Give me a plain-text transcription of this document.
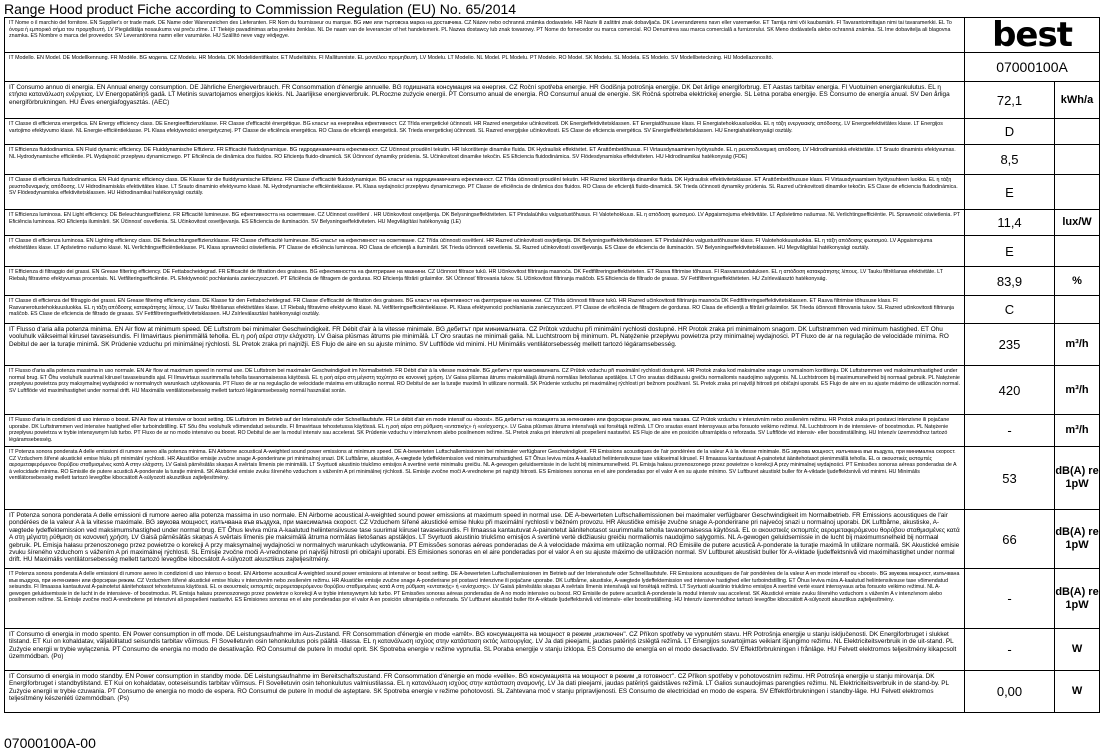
Range Hood product Fiche according to Commission Regulation (EU) No. 65/2014
IT Nome o il marchio del fornitore. EN Supplier's or trade mark. DE Name oder Warenzeichen des Lieferanten. FR Nom du fournisseur ou marque. BG име или търговска марка на доставчика. CZ Název nebo ochranná známka dodavatele. HR Naziv ili zaštitni znak dobavljača. DK Leverandørens navn eller varemærke. ET Tarnija nimi või kaubamärk. FI Tavarantoimittajan nimi tai tavaramerkki. EL Το όνομα ή εμπορικό σήμα του προμηθευτή. LV Piegādātāja nosaukums vai preču zīme. LT Tiekėjo pavadinimas arba prekės ženklas. NL De naam van de leverancier of het handelsmerk. PL Nazwa dostawcy lub znak towarowy. PT Nome do fornecedor ou marca comercial. RO Denumirea sau marca comercială a furnizorului. SK Meno dodávateľa alebo ochranná známka. SL Ime dobavitelja ali blagovna znamka. ES Nombre o marca del proveedor. SV Leverantörens namn eller varumärke. HU Szállító neve vagy védjegye.	best	

IT Modello. EN Model. DE Modellkennung. FR Modèle. BG модела. CZ Modelu. HR Modela. DK Modelidentifikator. ET Mudelitähis. FI Mallitunniste. EL μοντέλου προμηθευτή. LV Modelu. LT Modelio. NL Model. PL Modelu. PT Modelo. RO Model. SK Modelu. SL Modela. ES Modelo. SV Modellbeteckning. HU Modellazonosító.	07000100A	

IT Consumo annuo di energia. EN Annual energy consumption. DE Jährliche Energieverbrauch. FR Consommation d'énergie annuelle. BG годишната консумация на енергия. CZ Roční spotřeba energie. HR Godišnja potrošnja energije. DK Det årlige energiforbrug. ET Aastas tarbitav energia. FI Vuotuinen energiankulutus. EL η ετήσια κατανάλωση ενέργειας. LV Energopatēriņš gadā. LT Metinis suvartojamos energijos kiekis. NL Jaarlijkse energieverbruik. PLRoczne zużycie energii. PT Consumo anual de energia. RO Consumul anual de energie. SK Ročná spotreba elektrickej energie. SL Letna poraba energije. ES Consumo de energía anual. SV Den årliga energiförbrukningen. HU Éves energiafogyasztás. (AEC)	72,1	kWh/a

IT Classe di efficienza energetica. EN Energy efficiency class. DE Energieeffizienzklasse. FR Classe d'efficacité énergétique. BG класът на енергийна ефективност. CZ Třída energetické účinnosti. HR Razred energetske učinkovitosti. DK Energieffektivitetsklassen. ET Energiatõhususe klass. FI Energiatehokkuusluokka. EL η τάξη ενεργειακής απόδοσης. LV Energoefektivitātes klase. LT Energijos vartojimo efektyvumo klasė. NL Energie-efficiëntieklasse. PL Klasa efektywności energetycznej. PT Classe de eficiência energética. RO Clasa de eficiență energetică. SK Trieda energetickej účinnosti. SL Razred energijske učinkovitosti. ES Clase de eficiencia energética. SV Energieffektivitetsklassen. HU Energiahatékonysági osztály.	D	

IT Efficienza fluidodinamica. EN Fluid dynamic efficiency. DE Fluiddynamische Effizienz. FR Efficacité fluidodynamique. BG гидродинамичната ефективност. CZ Účinnost proudění tekutin. HR Iskorištenje dinamike fluida. DK Hydraulisk effektivitet. ET Ärattõmbetõhusus. FI Virtausdynaaminen hyötysuhde. EL η ρευστοδυναμική απόδοση. LV Hidrodinamiskā efektivitāte. LT Srauto dinaminis efektyvumas. NL Hydrodynamische efficiëntie. PL Wydajność przepływu dynamicznego. PT Eficiência de dinâmica dos fluidos. RO Eficiența fluido-dinamică. SK Účinnosť dynamiky prúdenia. SL Učinkovitost dinamike tekočin. ES Eficiencia fluidodinámica. SV Flödesdynamiska effektiviteten. HU Hidrodinamikai hatékonyság (FDE)	8,5	

IT Classe di efficienza fluidodinamica. EN Fluid dynamic efficiency class. DE Klasse für die fluiddynamische Effizienz. FR Classe d'efficacité fluidodynamique. BG класът на гидродинамичната ефективност. CZ Třída účinnosti proudění tekutin. HR Razred iskorištenja dinamike fluida. DK Hydraulisk effektivitetsklasse. ET Ärattõmbetõhususe klass. FI Virtausdynaamisen hyötysuhteen luokka. EL η τάξη ρευστοδυναμικής απόδοσης. LV Hidrodinamiskās efektivitātes klase. LT Srauto dinaminio efektyvumo klasė. NL Hydrodynamische efficiëntieklasse. PL Klasa wydajności przepływu dynamicznego. PT Classe de eficiência de dinâmica dos fluidos. RO Clasa de eficiență fluido-dinamică. SK Trieda účinnosti dynamiky prúdenia. SL Razred učinkovitosti dinamike tekočin. ES Clase de eficiencia fluidodinámica. SV Flödesdynamiska effektivitetsklassen. HU Hidrodinamikai hatékonysági osztály.	E	

IT Efficienza luminosa. EN Light efficiency. DE Beleuchtungseffizienz. FR Efficacité lumineuse. BG ефективността на осветяване. CZ Účinnost osvětlení . HR Učinkovitost osvjetljenja. DK Belysningseffektiviteten. ET Pindalaühiku valgustustõhusus. FI Valotehokkuus. EL η απόδοση φωτισμού. LV Apgaismojuma efektivitāte. LT Apšvietimo našumas. NL Verlichtingsefficiëntie. PL Sprawność oświetlenia. PT Eficiência luminosa. RO Eficiența iluminării. SK Účinnosť osvetlenia. SL Učinkovitost osvetljevanja. ES Eficiencia de iluminación. SV Belysningseffektiviteten. HU Megvilágítási hatékonyság (LE)	11,4	lux/W

IT Classe di efficienza luminosa. EN Lighting efficiency class. DE Beleuchtungseffizienzklasse. FR Classe d'efficacité lumineuse. BG класът на ефективност на осветяване. CZ Třída účinnosti osvětlení. HR Razred učinkovitosti osvjetljenja. DK Belysningseffektivitetsklassen. ET Pindalaühiku valgustustõhususe klass. FI Valotehokkuusluokka. EL η τάξη απόδοσης φωτισμού. LV Apgaismojuma efektivitātes klase. LT Apšvietimo našumo klasė. NL Verlichtingsefficiëntieklasse. PL Klasa sprawności oświetlenia. PT Classe de eficiência luminosa. RO Clasa de eficiență a iluminării. SK Trieda účinnosti osvetlenia. SL Razred učinkovitosti osvetljevanja. ES Clase de eficiencia de iluminación. SV Belysningseffektivitetsklassen. HU Megvilágítási hatékonysági osztály.	E	

IT Efficienza di filtraggio dei grassi. EN Grease filtering efficiency. DE Fettabscheidegrad. FR Efficacité de filtration des graisses. BG ефективността на филтриране на мазнини. CZ Účinnost filtrace tuků. HR Učinkovitost filtriranja masnoća. DK Fedtfiltreringseffektiviteten. ET Rasva filtrimise tõhusus. FI Rasvansuodatuksen. EL η απόδοση κατακράτησης λίπους. LV Tauku filtrēšanas efektivitāte. LT Riebalų filtravimo efektyvumas procentais. NL Vetfilteringsefficiëntie. PL Efektywność pochłaniania zanieczyszczeń. PT Eficiência de filtragem de gorduras. RO Eficiența filtrării grăsimilor. SK Účinnosť filtrovania tukov. SL Učinkovitost filtriranja maščob. ES Eficiencia de filtrado de grasas. SV Fettfiltreringseffektiviteten. HU Zsírleválasztó hatékonyság.	83,9	%

IT Classe di efficienza del filtraggio dei grassi. EN Grease filtering efficiency class. DE Klasse für den Fettabscheidegrad. FR Classe d'efficacité de filtration des graisses. BG класът на ефективност на филтриране на мазнини. CZ Třída účinnosti filtrace tuků. HR Razred učinkovitosti filtriranja masnoća DK Fedtfiltreringseffektivitetsklassen. ET Rasva filtrimise tõhususe klass. FI Rasvanerotustehokkuusluokka. EL η τάξη απόδοσης κατακράτησης λίπους. LV Tauku filtrēšanas efektivitātes klase. LT Riebalų filtravimo efektyvumo klasė. NL Vetfilteringsefficiëntieklasse. PL Klasa efektywności pochłaniania zanieczyszczeń. PT Classe de eficiência de filtragem de gorduras. RO Clasa de eficiență a filtrării grăsimilor. SK Trieda účinnosti filtrovania tukov. SL Razred učinkovitosti filtriranja maščob. ES Clase de eficiencia de filtrado de grasas. SV Fettfiltreringseffektivitetsklassen. HU Zsírleválasztási hatékonysági osztály.	C	

IT Flusso d'aria alla potenza minima. EN Air flow at minimum speed. DE Luftstrom bei minimaler Geschwindigkeit. FR Débit d'air à la vitesse minimale. BG дебитът при минималната. CZ Průtok vzduchu při minimální rychlosti dostupné. HR Protok zraka pri minimalnom snagom. DK Luftstrømmen ved minimum hastighed. ET Õhu vooluhulk väikseimal kiirusel tavaseisundis. FI Ilmavirtaus pienimmällä teholla. EL η ροή αέρα στην ελάχιστη. LV Gaisa plūsmas ātrums pie minimālā. LT Oro srautas ne minimali galia. NL Luchtstroom bij minimum. PL Natężenie przepływu powietrza przy minimalnej wydajności. PT Fluxo de ar na regulação de velocidade mínima. RO Debitul de aer la turaţie minimă. SK Prúdenie vzduchu pri minimálnej rýchlosti. SL Pretok zraka pri najnižji. ES Flujo de aire en su ajuste mínimo. SV Luftflöde vid minimi. HU Minimális ventilátorsebesség mellett tartozó légáramsebesség.	235	m³/h

IT Flusso d'aria alla potenza massima in uso normale. EN Air flow at maximum speed in normal use. DE Luftstrom bei maximaler Geschwindigkeit im Normalbetrieb. FR Débit d'air à la vitesse maximale. BG дебитът при максималната. CZ Průtok vzduchu při maximální rychlosti dostupné. HR Protok zraka kod maksimalne snage u normalnom korištenju. DK Luftstrømmen ved maksimumhastighed under normal brug. ET Õhu vooluhulk suurimal kiirusel tavaseisundis ajal. FI Ilmavirtaus suurimmalla teholla tavanomaisessa käytössä. EL η ροή αέρα στη μέγιστη ταχύτητα σε κανονική χρήση. LV Gaisa plūsmas ātrums maksimālajā ātrumā normālas lietošanas apstākļos. LT Oro srautas didžiausiu greičiu normaliomis naudojimo sąlygomis. NL Luchtstroom bij maximumsnelheid bij normaal gebruik. PL Natężenie przepływu powietrza przy maksymalnej wydajności w normalnych warunkach użytkowania. PT Fluxo de ar na regulação de velocidade máxima em utilização normal. RO Debitul de aer la turaţie maximă în utilizare normală. SK Prúdenie vzduchu pri maximálnej rýchlosti pri bežnom používaní. SL Pretok zraka pri najvišji hitrosti pri običajni uporabi. ES Flujo de aire en su ajuste máximo de utilización normal. SV Luftflöde vid maximihastighet under normal drift. HU Maximális ventilátorsebesség mellett tartozó légáramsebesség normál használat során.	420	m³/h

IT Flusso d'aria in condizioni di uso intenso o boost. EN Air flow at intensive or boost setting. DE Luftstrom im Betrieb auf der Intensivstufe oder Schnelllaufstufe. FR Le débit d'air en mode intensif ou «boost». BG дебитът на позицията за интензивен или форсиран режим, ако има такава. CZ Průtok vzduchu v intenzivním nebo zesíleném režimu. HR Protok zraka pri postavci intenzivne ili pojačane uporabe. DK Luftstrømmen ved intensive hastighed eller turboindstilling. ET Sõu õhu vooluhulk võimendatud seisundis. FI Ilmavirtaus tehostetussa käytössä. EL η ροή αέρα στη ρύθμιση «εντατικής» ή «ενίσχυσης». LV Gaisa plūsmas ātrums intensīvajā vai forsētajā režīmā. LT Oro srautas esant intensyvaus arba forsuoto veikimo režimui. NL Luchtstroom in de intensieve- of boostmodus. PL Natężenie przepływu powietrza w trybie intensywnym lub turbo. PT Fluxo de ar no modo intensivo ou boost. RO Debitul de aer la modul intensiv sau accelerat. SK Prúdenie vzduchu v intenzívnom alebo posilnenom režime. SL Pretok zraka pri intenzivni ali pospešeni nastavitvi. ES Flujo de aire en posición ultrarrápida o reforzada. SV Luftflöde vid intensiv- eller boostinställning. HU Intenzív üzemmódhoz tartozó légáramsebesség.	-	m³/h

IT Potenza sonora ponderata A delle emissioni di rumore aereo alla potenza minima. EN Airborne acoustical A-weighted sound power emissions at minimum speed. DE A-bewerteten Luftschallemissionen bei minimaler verfügbarer Geschwindigkeit. FR Emissions acoustiques de l'air pondérées de la valeur A à la vitesse minimale. BG звукова мощност, излъчвана във въздуха, при минимална скорост. CZ Vzduchem šířené akustické emise hluku při minimální rychlosti. HR Akustičke emisije zvučne snage A-ponderirane pri minimalnoj snazi. DK Luftbårne, akustiske, A-vægtede lydeffektemission ved minimumshastighed. ET Õhus leviva müra A-kaalutud heliintensiivsuse tase väikseimal kiirusel. FI Ilmaassa kantautuvat A-painotetut äänitehotasot pienimmällä teholla. EL οι ακουστικές εκπομπές αερομεταφερόμενου θορύβου σταθμισμένες κατά Α στην ελάχιστη. LV Gaisā pārnēsātās skaņas A svērtais līmenis pie minimālā. LT Svyrtuoti akustinio triukšmo emisijos A svertinė vertė minimaliu greičiu. NL A-gewogen geluidsemissie in de lucht bij minimumsnelheid. PL Emisja hałasu przenoszonego przez powietrze o korekcji A przy minimalnej wydajności. PT Emissões sonoras aéreas ponderadas de A à velocidade mínima. RO Emisiile de putere acustică A-ponderate la turaţie minimă. SK Akustické emisie zvuku šíreného vzduchom s vážením A pri minimálnej rýchlosti. SL Emisije zvočne moči A-vrednotene pri najnižji hitrosti. ES Emisiones sonoras en el aire ponderadas por el valor A en su ajuste mínimo. SV Luftburet akustiskt buller för A-viktade ljudeffektsnivå vid minimi. HU Minimális ventilátorsebesség mellett tartozó levegőbe kibocsátott A-súlyozott akusztikus zajteljesítmény.	53	dB(A) re 1pW

IT Potenza sonora ponderata A delle emissioni di rumore aereo alla potenza massima in uso normale. EN Airborne acoustical A-weighted sound power emissions at maximum speed in normal use. DE A-bewerteten Luftschallemissionen bei maximaler verfügbarer Geschwindigkeit im Normalbetrieb. FR Emissions acoustiques de l'air pondérées de la valeur A à la vitesse maximale. BG звукова мощност, излъчвана във въздуха, при максимална скорост. CZ Vzduchem šířené akustické emise hluku při maximální rychlosti v běžném provozu. HR Akustičke emisije zvučne snage A-ponderirane pri najvećoj snazi u normalnoj uporabi. DK Luftbårne, akustiske, A-vægtede lydeffektemission ved maksimumshastighed under normal brug. ET Õhus leviva müra A-kaalutud heliintensiivsuse tase suurimal kiirusel tavaseisundis. FI Ilmaassa kantautuvat A-painotetut äänitehotasot suurimmalla teholla tavanomaisessa käytössä. EL οι ακουστικές εκπομπές αερομεταφερόμενου θορύβου σταθμισμένες κατά Α στη μέγιστη ρύθμιση σε κανονική χρήση. LV Gaisā pārnēsātās skaņas A svērtais līmenis pie maksimālā ātruma normālas lietošanas apstākļos. LT Svyrtuoti akustinio triukšmo emisijos A svertinė vertė didžiausiu greičiu normaliomis naudojimo sąlygomis. NL A-gewogen geluidsemissie in de lucht bij maximumsnelheid bij normaal gebruik. PL Emisja hałasu przenoszonego przez powietrze o korekcji A przy maksymalnej wydajności w normalnych warunkach użytkowania. PT Emissões sonoras aéreas ponderadas de A à velocidade máxima em utilização normal. RO Emisiile de putere acustică A-ponderate la turaţie maximă în utilizare normală. SK Akustické emisie zvuku šíreného vzduchom s vážením A pri maximálnej rýchlosti. SL Emisije zvočne moči A-vrednotene pri najvišji hitrosti pri običajni uporabi. ES Emisiones sonoras en el aire ponderadas por el valor A en su ajuste máximo de utilización normal. SV Luftburet akustiskt buller för A-viktade ljudeffektsnivå vid maximihastighet under normal drift. HU Maximális ventilátorsebesség mellett tartozó levegőbe kibocsátott A-súlyozott akusztikus zajteljesítmény.	66	dB(A) re 1pW

IT Potenza sonora ponderata A delle emissioni di rumore aereo in condizioni di uso intenso o boost. EN Airborne acoustical A-weighted sound power emissions at intensive or boost setting. DE A-bewerteten Luftschallemissionen im Betrieb auf der Intensivstufe oder Schnelllaufstufe. FR Emissions acoustiques de l'air pondérées de la valeur A en mode intensif ou «boost». BG звукова мощност, излъчвана във въздуха, при интензивен или форсиран режим. CZ Vzduchem šířené akustické emise hluku v intenzivním nebo zesíleném režimu. HR Akustičke emisije zvučne snage A-ponderirane pri postavci intenzivne ili pojačane uporabe. DK Luftbårne, akustiske, A-vægtede lydeffektemission ved intensive hastighed eller turboindstilling. ET Õhus leviva müra A-kaalutud heliintensiivsuse tase võimendatud seisundis. FI Ilmaassa kantautuvat A-painotetut äänitehotasot tehostetussa käytössä. EL οι ακουστικές εκπομπές αερομεταφερόμενου θορύβου σταθμισμένες κατά Α στη ρύθμιση «εντατικής» ή «ενίσχυσης». LV Gaisā pārnēsātās skaņas A svērtais līmenis intensīvajā vai forsētajā režīmā. LT Svyrtuoti akustinio triukšmo emisijos A svertinė vertė esant intensyvaus arba forsuoto veikimo režimui. NL A-gewogen geluidsemissie in de lucht in de intensieve- of boostmodus. PL Emisja hałasu przenoszonego przez powietrze o korekcji A w trybie intensywnym lub turbo. PT Emissões sonoras aéreas ponderadas de A no modo intensivo ou boost. RO Emisiile de putere acustică A-ponderate la modul intensiv sau accelerat. SK Akustické emisie zvuku šíreného vzduchom s vážením A v intenzívnom alebo posilnenom režime. SL Emisije zvočne moči A-vrednotene pri intenzivni ali pospešeni nastavitvi. ES Emisiones sonoras en el aire ponderadas por el valor A en posición ultrarrápida o reforzada. SV Luftburet akustiskt buller för A-viktade ljudeffektsnivå vid intensiv- eller boostinställning. HU Intenzív üzemmódhoz tartozó levegőbe kibocsátott A-súlyozott akusztikus zajteljesítmény.	-	dB(A) re 1pW

IT Consumo di energia in modo spento. EN Power consumption in off mode. DE Leistungsaufnahme im Aus-Zustand. FR Consommation d'énergie en mode «arrêt». BG консумацията на мощност в режим „изключен". CZ Příkon spotřeby ve vypnutém stavu. HR Potrošnja energije u stanju isključenosti. DK Energiforbruget i slukket tilstand. ET Kui on kohaldatav, väljalülitatud seisundis tarbitav võimsus. FI Sovelletuvin osin tehonkulutus pois päältä -tilassa. EL η κατανάλωση ισχύος στην κατάσταση εκτός λειτουργίας. LV Ja dati pieejami, jaudas patēriņš izslēgtā režīmā. LT Energijos suvartojimas veikiant išjungimo režimu. NL Elektriciteitsverbruik in de uit-stand. PL Zużycie energii w trybie wyłączenia. PT Consumo de energia no modo de desativação. RO Consumul de putere în modul oprit. SK Spotreba energie v režime vypnutia. SL Poraba energije v stanju izklopa. ES Consumo de energía en el modo desactivado. SV Effektförbrukningen i frånläge. HU Felvett elektromos teljesítmény kikapcsolt üzemmódban. (Po)	-	W

IT Consumo di energia in modo standby. EN Power consumption in standby mode. DE Leistungsaufnahme im Bereitschaftszustand. FR Consommation d'énergie en mode «veille». BG консумацията на мощност в режим „в готовност". CZ Příkon spotřeby v pohotovostním režimu. HR Potrošnja energije u stanju mirovanja. DK Energiforbruget i standbytilstand. ET Kui on kohaldatav, ooteseisundis tarbitav võimsus. FI Sovelletuvin osin tehonkulutus valmiustilassa. EL η κατανάλωση ισχύος στην κατάσταση αναμονής. LV Ja dati pieejami, jaudas patēriņš gaidstāves režīmā. LT Galios sunaudojimas parengties režimu. NL Elektriciteitsverbruik in de stand-by. PL Zużycie energii w trybie czuwania. PT Consumo de energia no modo de espera. RO Consumul de putere în modul de aşteptare. SK Spotreba energie v režime pohotovosti. SL Zahtevana moč v stanju pripravljenosti. ES Consumo de electricidad en modo de espera. SV Effektförbrukningen i standby-läge. HU Felvett elektromos teljesítmény készenléti üzemmódban. (Ps)	0,00	W
07000100A-00
